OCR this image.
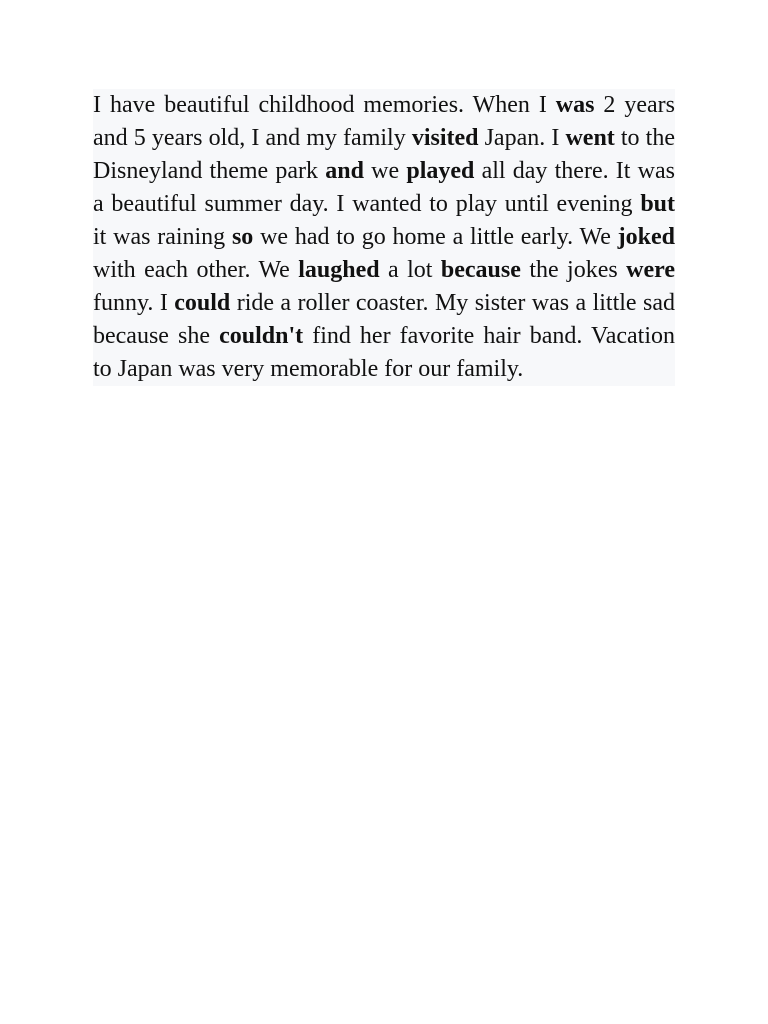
I have beautiful childhood memories. When I was 2 years and 5 years old, I and my family visited Japan. I went to the Disneyland theme park and we played all day there. It was a beautiful summer day. I wanted to play until evening but it was raining so we had to go home a little early. We joked with each other. We laughed a lot because the jokes were funny. I could ride a roller coaster. My sister was a little sad because she couldn't find her favorite hair band. Vacation to Japan was very memorable for our family.
